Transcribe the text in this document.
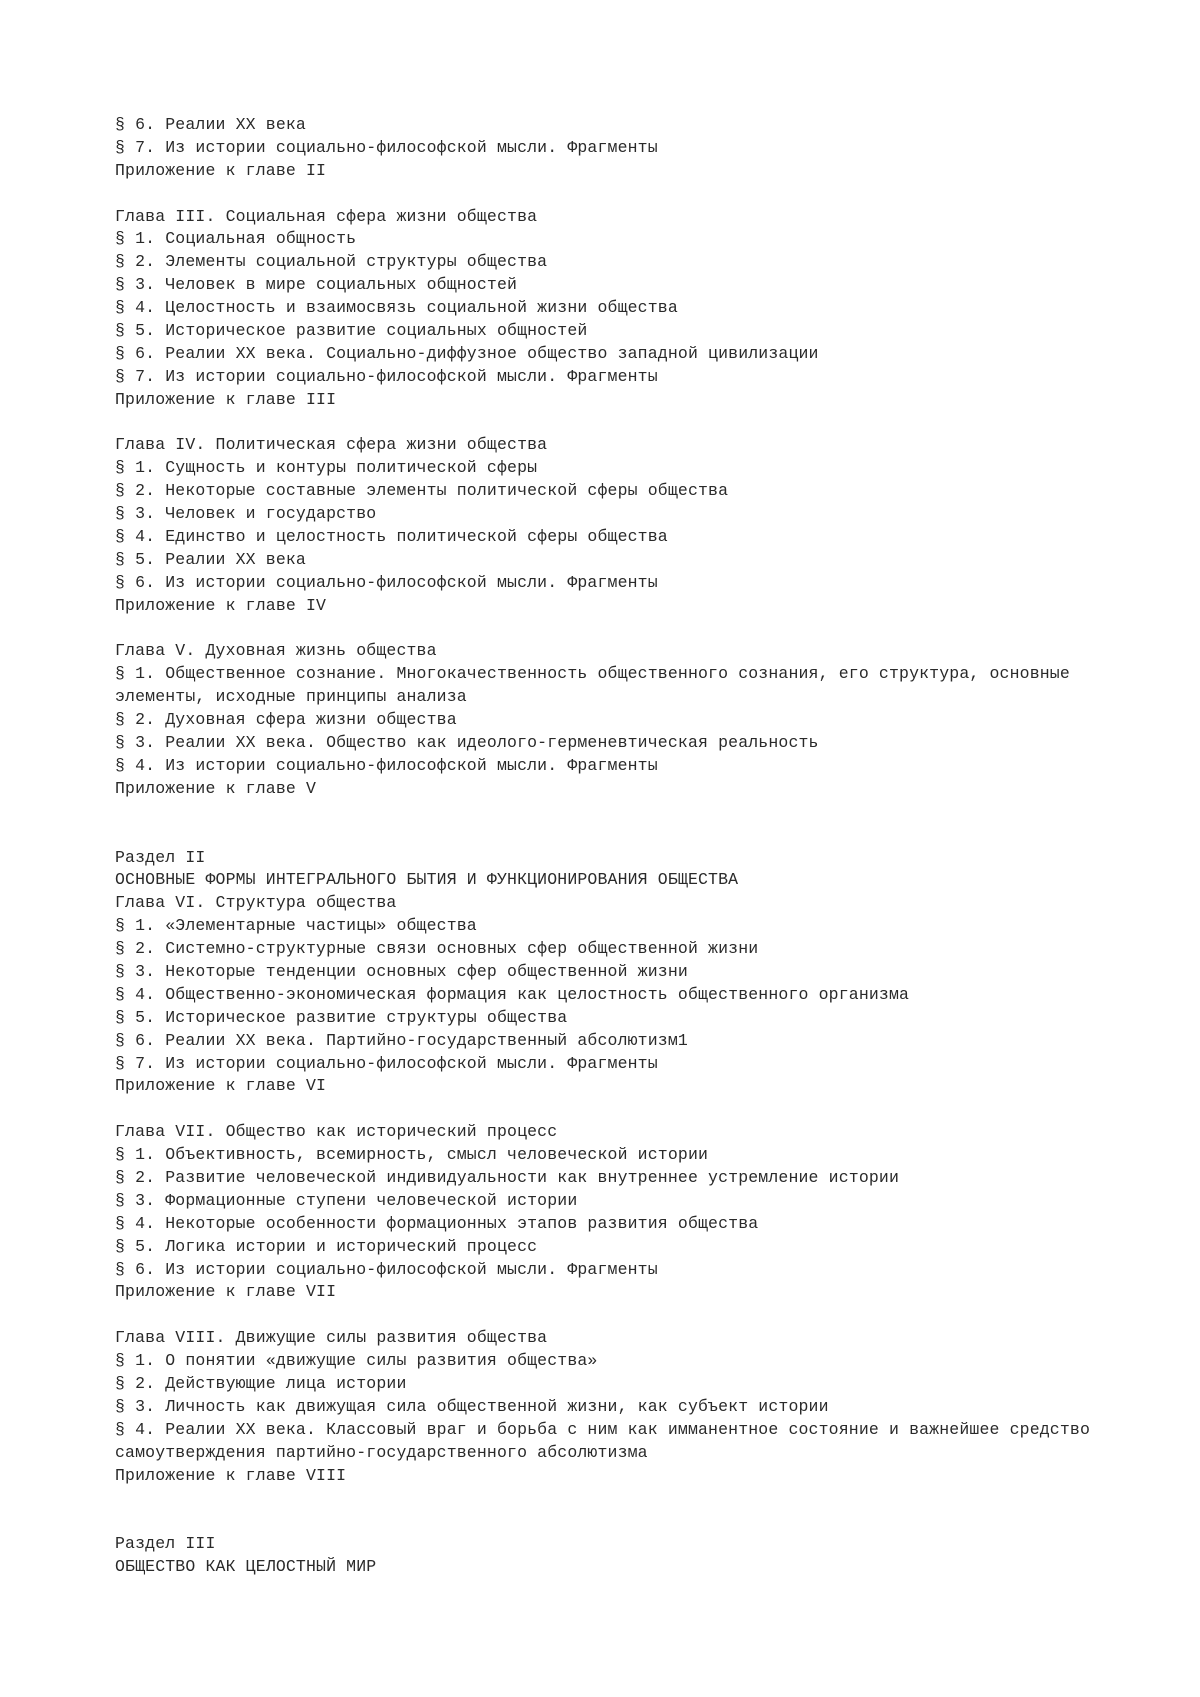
§ 6. Реалии XX века
§ 7. Из истории социально-философской мысли. Фрагменты
Приложение к главе II
Глава III. Социальная сфера жизни общества
§ 1. Социальная общность
§ 2. Элементы социальной структуры общества
§ 3. Человек в мире социальных общностей
§ 4. Целостность и взаимосвязь социальной жизни общества
§ 5. Историческое развитие социальных общностей
§ 6. Реалии XX века. Социально-диффузное общество западной цивилизации
§ 7. Из истории социально-философской мысли. Фрагменты
Приложение к главе III
Глава IV. Политическая сфера жизни общества
§ 1. Сущность и контуры политической сферы
§ 2. Некоторые составные элементы политической сферы общества
§ 3. Человек и государство
§ 4. Единство и целостность политической сферы общества
§ 5. Реалии XX века
§ 6. Из истории социально-философской мысли. Фрагменты
Приложение к главе IV
Глава V. Духовная жизнь общества
§ 1. Общественное сознание. Многокачественность общественного сознания, его структура, основные элементы, исходные принципы анализа
§ 2. Духовная сфера жизни общества
§ 3. Реалии XX века. Общество как идеолого-герменевтическая реальность
§ 4. Из истории социально-философской мысли. Фрагменты
Приложение к главе V
Раздел II
ОСНОВНЫЕ ФОРМЫ ИНТЕГРАЛЬНОГО БЫТИЯ И ФУНКЦИОНИРОВАНИЯ ОБЩЕСТВА
Глава VI. Структура общества
§ 1. «Элементарные частицы» общества
§ 2. Системно-структурные связи основных сфер общественной жизни
§ 3. Некоторые тенденции основных сфер общественной жизни
§ 4. Общественно-экономическая формация как целостность общественного организма
§ 5. Историческое развитие структуры общества
§ 6. Реалии XX века. Партийно-государственный абсолютизм1
§ 7. Из истории социально-философской мысли. Фрагменты
Приложение к главе VI
Глава VII. Общество как исторический процесс
§ 1. Объективность, всемирность, смысл человеческой истории
§ 2. Развитие человеческой индивидуальности как внутреннее устремление истории
§ 3. Формационные ступени человеческой истории
§ 4. Некоторые особенности формационных этапов развития общества
§ 5. Логика истории и исторический процесс
§ 6. Из истории социально-философской мысли. Фрагменты
Приложение к главе VII
Глава VIII. Движущие силы развития общества
§ 1. О понятии «движущие силы развития общества»
§ 2. Действующие лица истории
§ 3. Личность как движущая сила общественной жизни, как субъект истории
§ 4. Реалии XX века. Классовый враг и борьба с ним как имманентное состояние и важнейшее средство самоутверждения партийно-государственного абсолютизма
Приложение к главе VIII
Раздел III
ОБЩЕСТВО КАК ЦЕЛОСТНЫЙ МИР
